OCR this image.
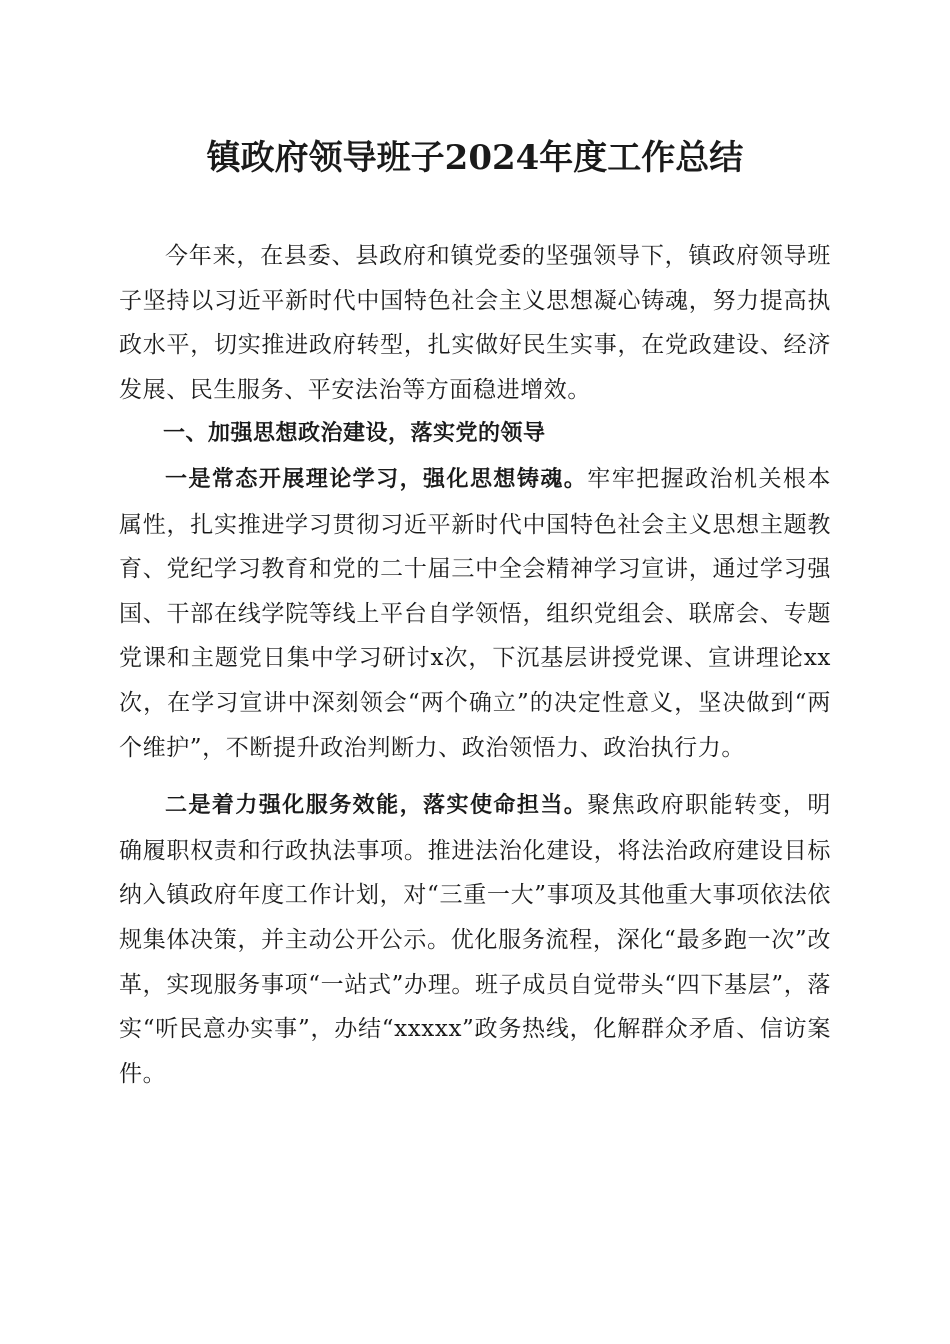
镇政府领导班子2024年度工作总结

今年来，在县委、县政府和镇党委的坚强领导下，镇政府领导班子坚持以习近平新时代中国特色社会主义思想凝心铸魂，努力提高执政水平，切实推进政府转型，扎实做好民生实事，在党政建设、经济发展、民生服务、平安法治等方面稳进增效。

一、加强思想政治建设，落实党的领导

一是常态开展理论学习，强化思想铸魂。牢牢把握政治机关根本属性，扎实推进学习贯彻习近平新时代中国特色社会主义思想主题教育、党纪学习教育和党的二十届三中全会精神学习宣讲，通过学习强国、干部在线学院等线上平台自学领悟，组织党组会、联席会、专题党课和主题党日集中学习研讨x次，下沉基层讲授党课、宣讲理论xx次，在学习宣讲中深刻领会“两个确立”的决定性意义，坚决做到“两个维护”，不断提升政治判断力、政治领悟力、政治执行力。

二是着力强化服务效能，落实使命担当。聚焦政府职能转变，明确履职权责和行政执法事项。推进法治化建设，将法治政府建设目标纳入镇政府年度工作计划，对“三重一大”事项及其他重大事项依法依规集体决策，并主动公开公示。优化服务流程，深化“最多跑一次”改革，实现服务事项“一站式”办理。班子成员自觉带头“四下基层”，落实“听民意办实事”，办结“xxxxx”政务热线，化解群众矛盾、信访案件。
